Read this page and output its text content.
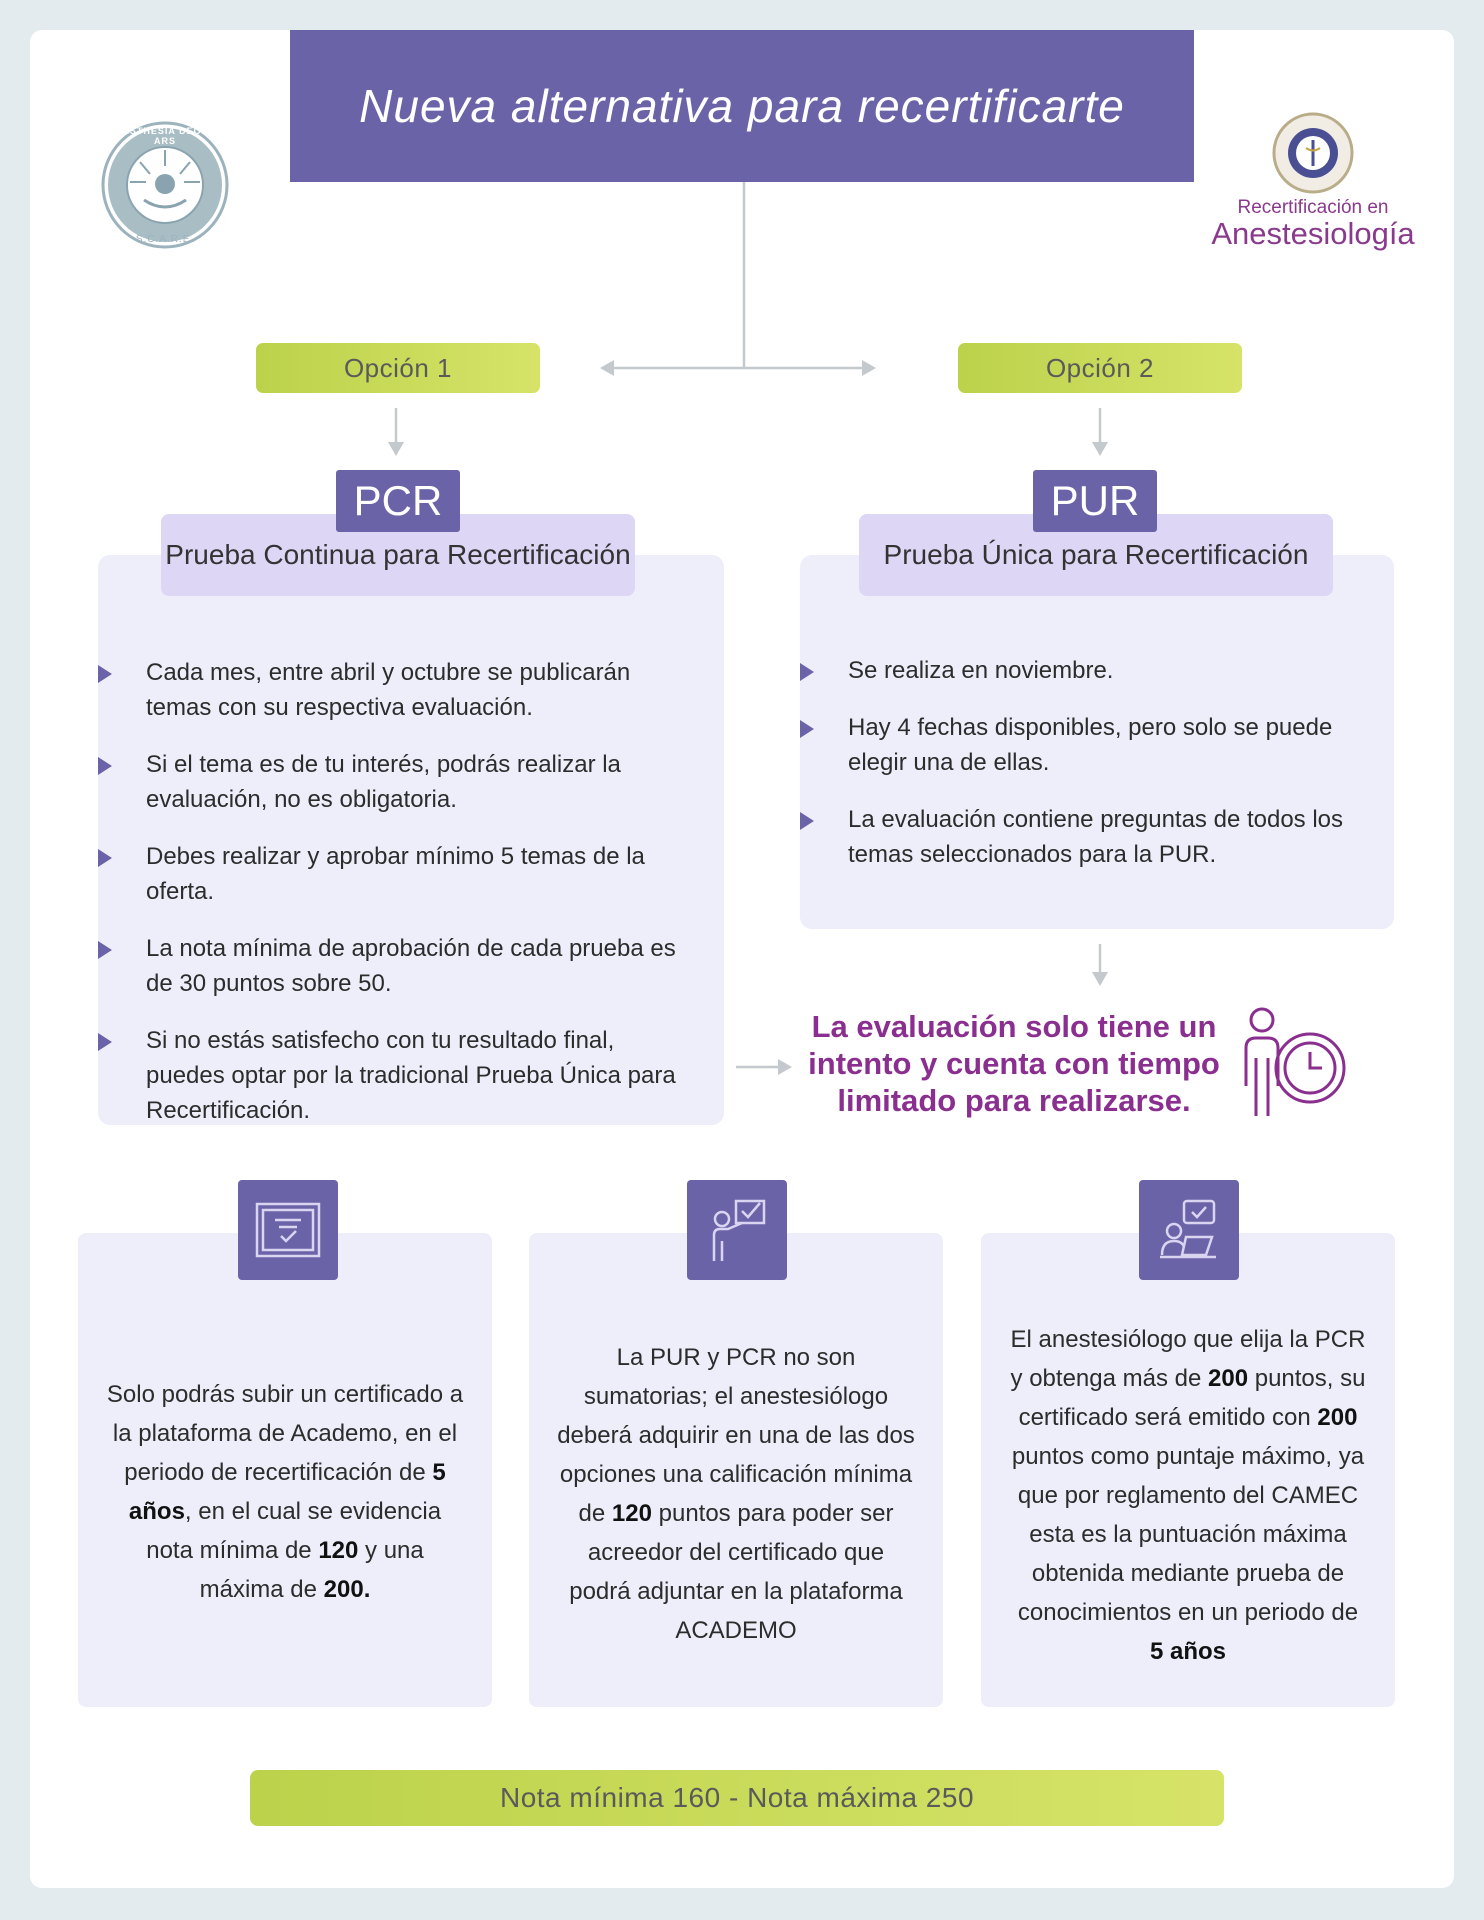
Nueva alternativa para recertificarte
ANÆSTHESIA DEORUM ARS
S.C.A.R.E.
Recertificación en
Anestesiología
Opción 1	Opción 2
Prueba Continua para Recertificación	Prueba Única para Recertificación
PCR	PUR
Cada mes, entre abril y octubre se publicarán temas con su respectiva evaluación.
Si el tema es de tu interés, podrás realizar la evaluación, no es obligatoria.
Debes realizar y aprobar mínimo 5 temas de la oferta.
La nota mínima de aprobación de cada prueba es de 30 puntos sobre 50.
Si no estás satisfecho con tu resultado final, puedes optar por la tradicional Prueba Única para Recertificación.
Se realiza en noviembre.
Hay 4 fechas disponibles, pero solo se puede elegir una de ellas.
La evaluación contiene preguntas de todos los temas seleccionados para la PUR.
La evaluación solo tiene un intento y cuenta con tiempo limitado para realizarse.
Solo podrás subir un certificado a la plataforma de Academo, en el periodo de recertificación de 5 años, en el cual se evidencia nota mínima de 120 y una máxima de 200.
La PUR y PCR no son sumatorias; el anestesiólogo deberá adquirir en una de las dos opciones una calificación mínima de 120 puntos para poder ser acreedor del certificado que podrá adjuntar en la plataforma ACADEMO
El anestesiólogo que elija la PCR y obtenga más de 200 puntos, su certificado será emitido con 200 puntos como puntaje máximo, ya que por reglamento del CAMEC esta es la puntuación máxima obtenida mediante prueba de conocimientos en un periodo de 5 años
Nota mínima 160 - Nota máxima 250
